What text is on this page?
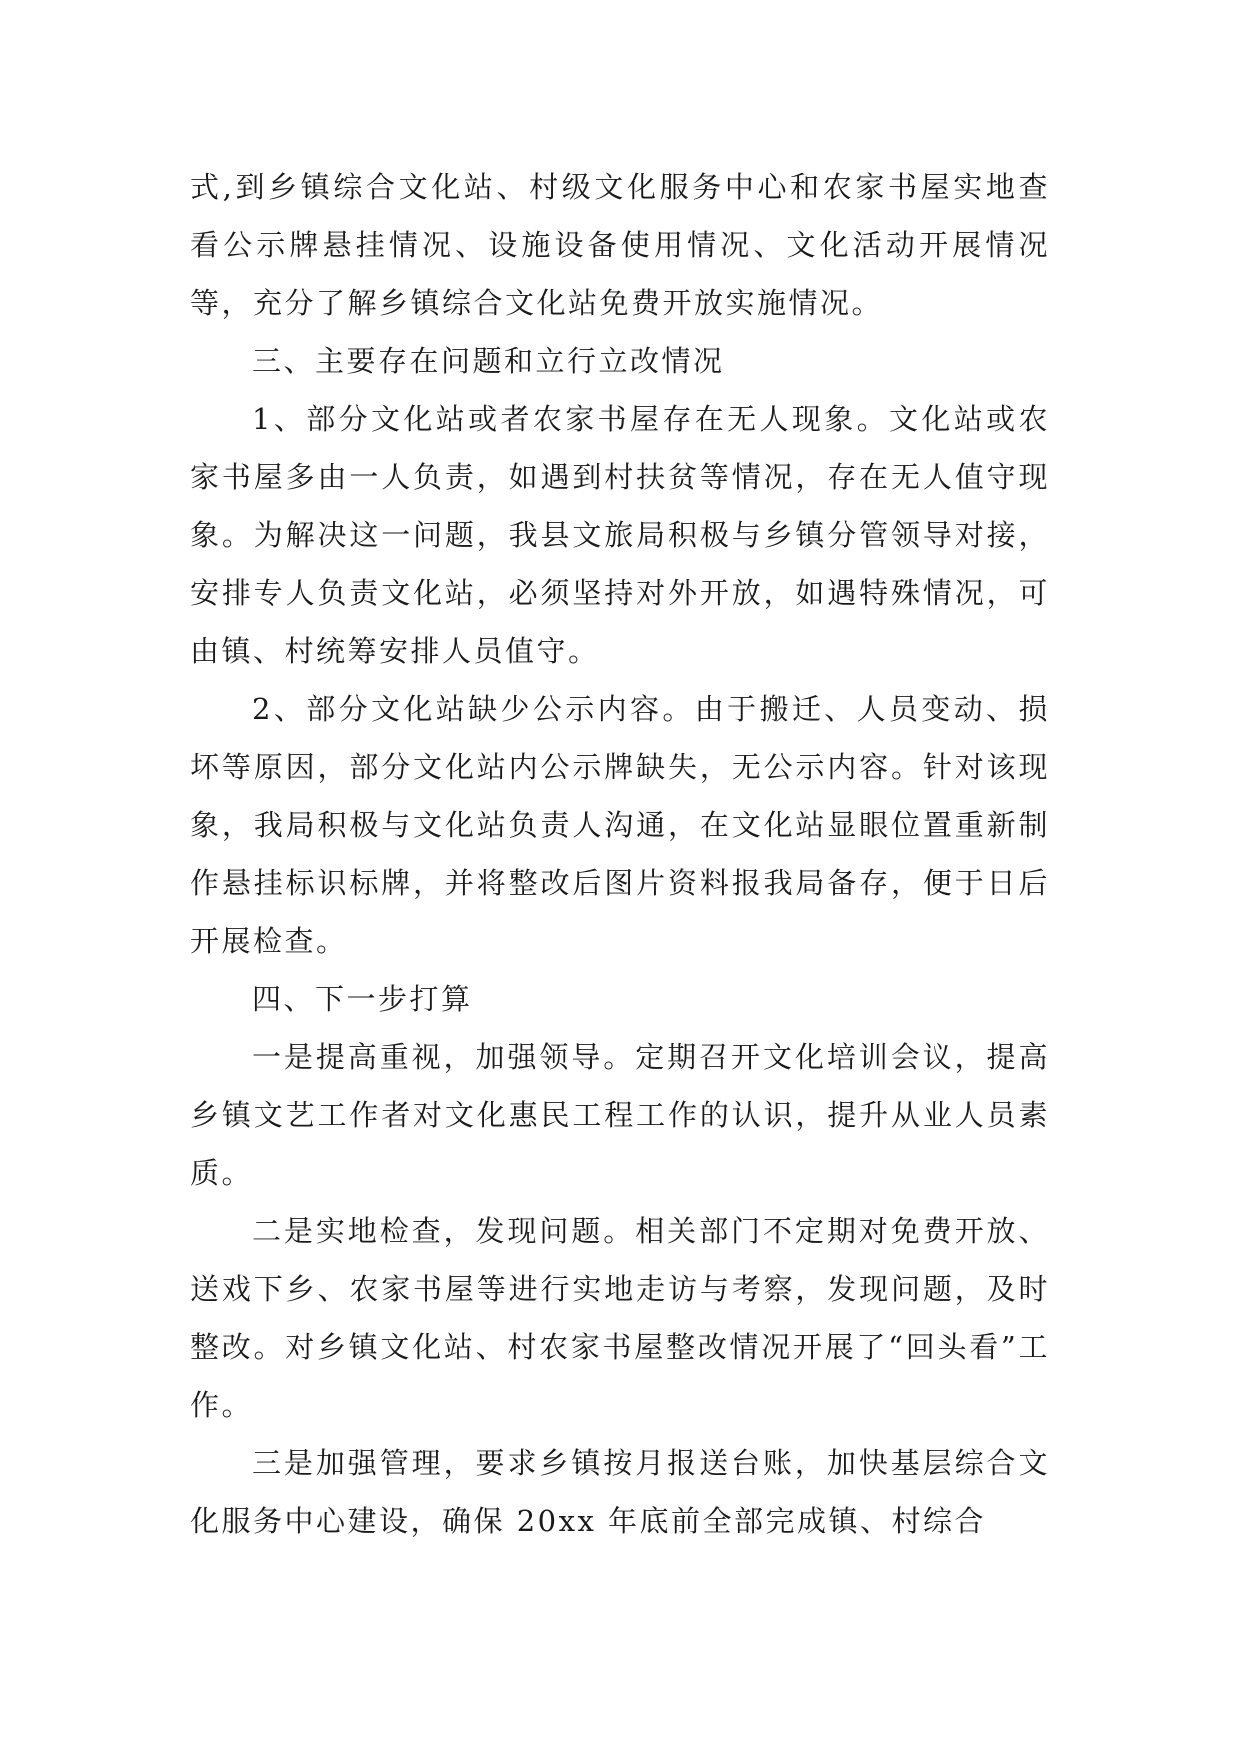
式,到乡镇综合文化站、村级文化服务中心和农家书屋实地查看公示牌悬挂情况、设施设备使用情况、文化活动开展情况等，充分了解乡镇综合文化站免费开放实施情况。

三、主要存在问题和立行立改情况

1、部分文化站或者农家书屋存在无人现象。文化站或农家书屋多由一人负责，如遇到村扶贫等情况，存在无人值守现象。为解决这一问题，我县文旅局积极与乡镇分管领导对接，安排专人负责文化站，必须坚持对外开放，如遇特殊情况，可由镇、村统筹安排人员值守。

2、部分文化站缺少公示内容。由于搬迁、人员变动、损坏等原因，部分文化站内公示牌缺失，无公示内容。针对该现象，我局积极与文化站负责人沟通，在文化站显眼位置重新制作悬挂标识标牌，并将整改后图片资料报我局备存，便于日后开展检查。

四、下一步打算

一是提高重视，加强领导。定期召开文化培训会议，提高乡镇文艺工作者对文化惠民工程工作的认识，提升从业人员素质。

二是实地检查，发现问题。相关部门不定期对免费开放、送戏下乡、农家书屋等进行实地走访与考察，发现问题，及时整改。对乡镇文化站、村农家书屋整改情况开展了“回头看”工作。

三是加强管理，要求乡镇按月报送台账，加快基层综合文化服务中心建设，确保 20xx 年底前全部完成镇、村综合
